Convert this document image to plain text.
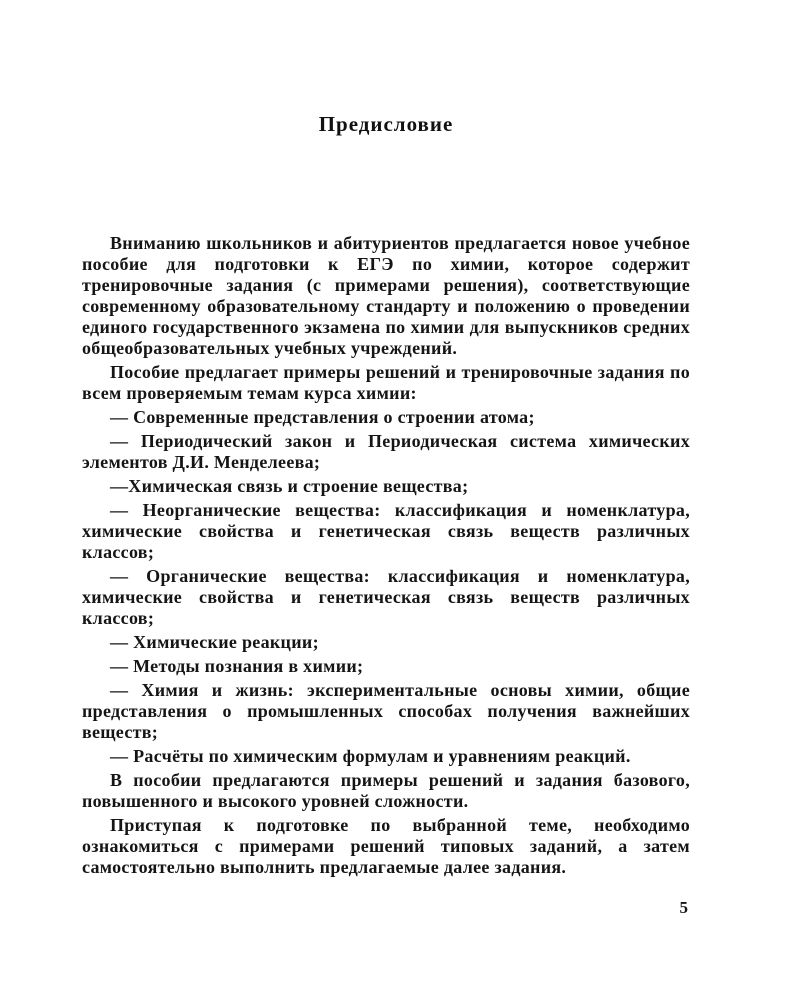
Предисловие

Вниманию школьников и абитуриентов предлагается новое учебное пособие для подготовки к ЕГЭ по химии, которое содержит тренировочные задания (с примерами решения), соответствующие современному образовательному стандарту и положению о проведении единого государственного экзамена по химии для выпускников средних общеобразовательных учебных учреждений.

Пособие предлагает примеры решений и тренировочные задания по всем проверяемым темам курса химии:

— Современные представления о строении атома;

— Периодический закон и Периодическая система химических элементов Д.И. Менделеева;

—Химическая связь и строение вещества;

— Неорганические вещества: классификация и номенклатура, химические свойства и генетическая связь веществ различных классов;

— Органические вещества: классификация и номенклатура, химические свойства и генетическая связь веществ различных классов;

— Химические реакции;

— Методы познания в химии;

— Химия и жизнь: экспериментальные основы химии, общие представления о промышленных способах получения важнейших веществ;

— Расчёты по химическим формулам и уравнениям реакций.

В пособии предлагаются примеры решений и задания базового, повышенного и высокого уровней сложности.

Приступая к подготовке по выбранной теме, необходимо ознакомиться с примерами решений типовых заданий, а затем самостоятельно выполнить предлагаемые далее задания.

5
